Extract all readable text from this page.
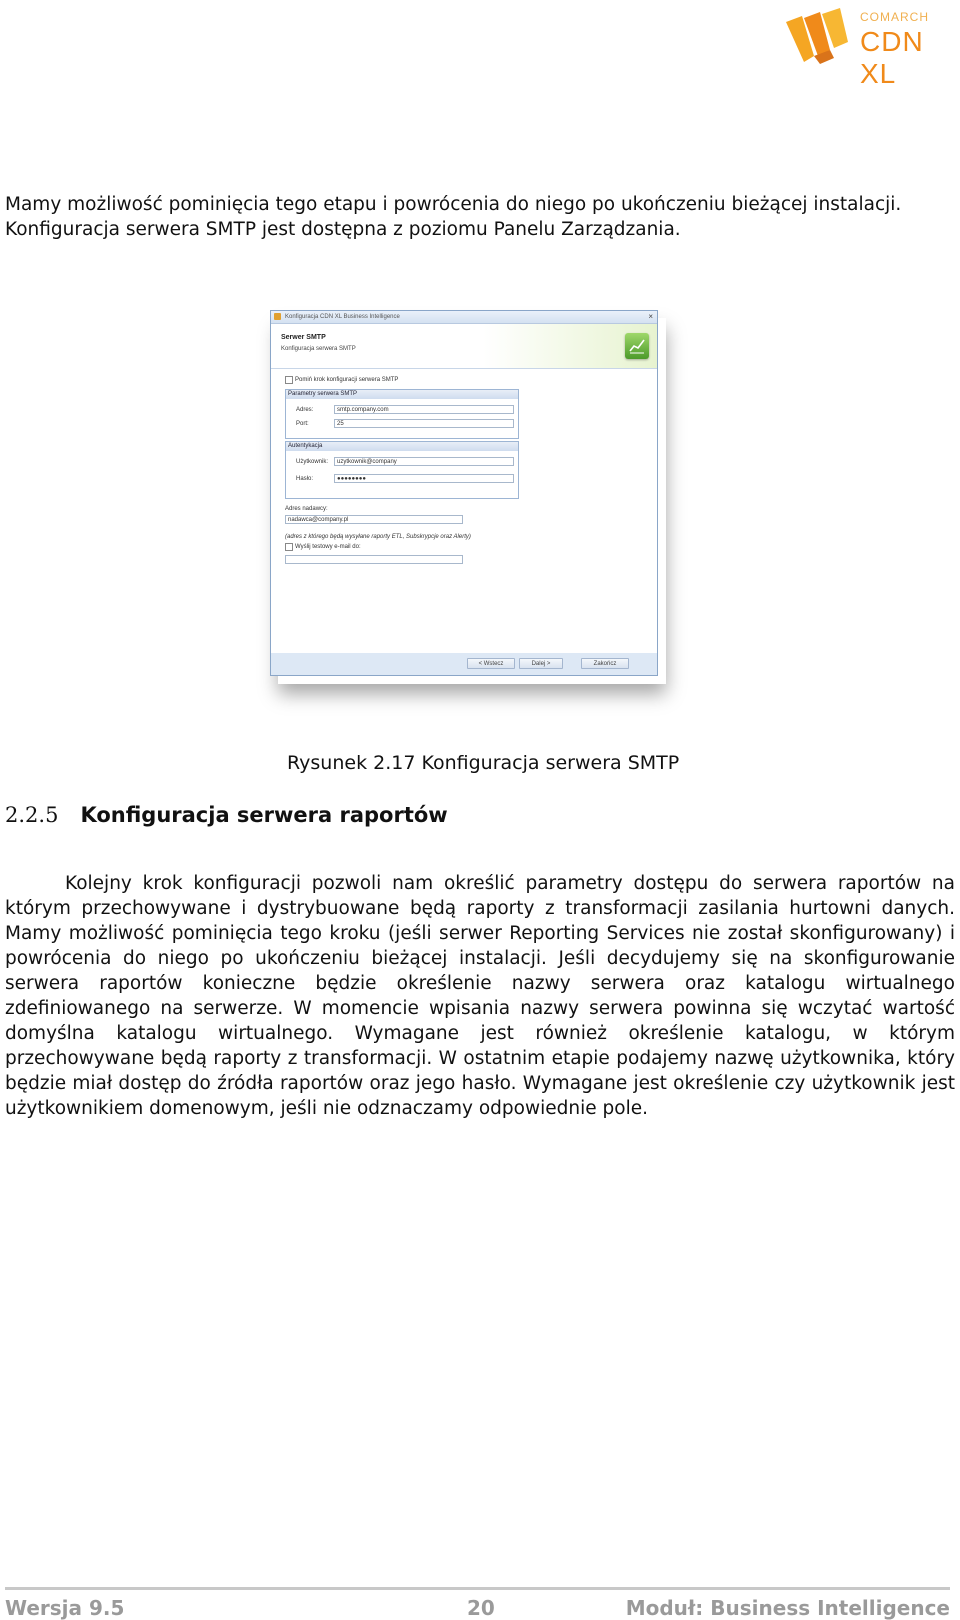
COMARCH
CDN XL
Mamy możliwość pominięcia tego etapu i powrócenia do niego po ukończeniu bieżącej instalacji.
Konfiguracja serwera SMTP jest dostępna z poziomu Panelu Zarządzania.
Konfiguracja CDN XL Business Intelligence	×
Serwer SMTP
Konfiguracja serwera SMTP
Pomiń krok konfiguracji serwera SMTP
Parametry serwera SMTP
Adres:	smtp.company.com
Port:	25
Autentykacja
Użytkownik:	uzytkownik@company
Hasło:	●●●●●●●●
Adres nadawcy:
nadawca@company.pl
(adres z którego będą wysyłane raporty ETL, Subskrypcje oraz Alerty)
Wyślij testowy e-mail do:
< Wstecz	Dalej >	Zakończ
Rysunek 2.17 Konfiguracja serwera SMTP
2.2.5 Konfiguracja serwera raportów
Kolejny krok konfiguracji pozwoli nam określić parametry dostępu do serwera raportów na którym przechowywane i dystrybuowane będą raporty z transformacji zasilania hurtowni danych. Mamy możliwość pominięcia tego kroku (jeśli serwer Reporting Services nie został skonfigurowany) i powrócenia do niego po ukończeniu bieżącej instalacji. Jeśli decydujemy się na skonfigurowanie serwera raportów konieczne będzie określenie nazwy serwera oraz katalogu wirtualnego zdefiniowanego na serwerze. W momencie wpisania nazwy serwera powinna się wczytać wartość domyślna katalogu wirtualnego. Wymagane jest również określenie katalogu, w którym przechowywane będą raporty z transformacji. W ostatnim etapie podajemy nazwę użytkownika, który będzie miał dostęp do źródła raportów oraz jego hasło. Wymagane jest określenie czy użytkownik jest użytkownikiem domenowym, jeśli nie odznaczamy odpowiednie pole.
Wersja 9.5	20	Moduł: Business Intelligence
